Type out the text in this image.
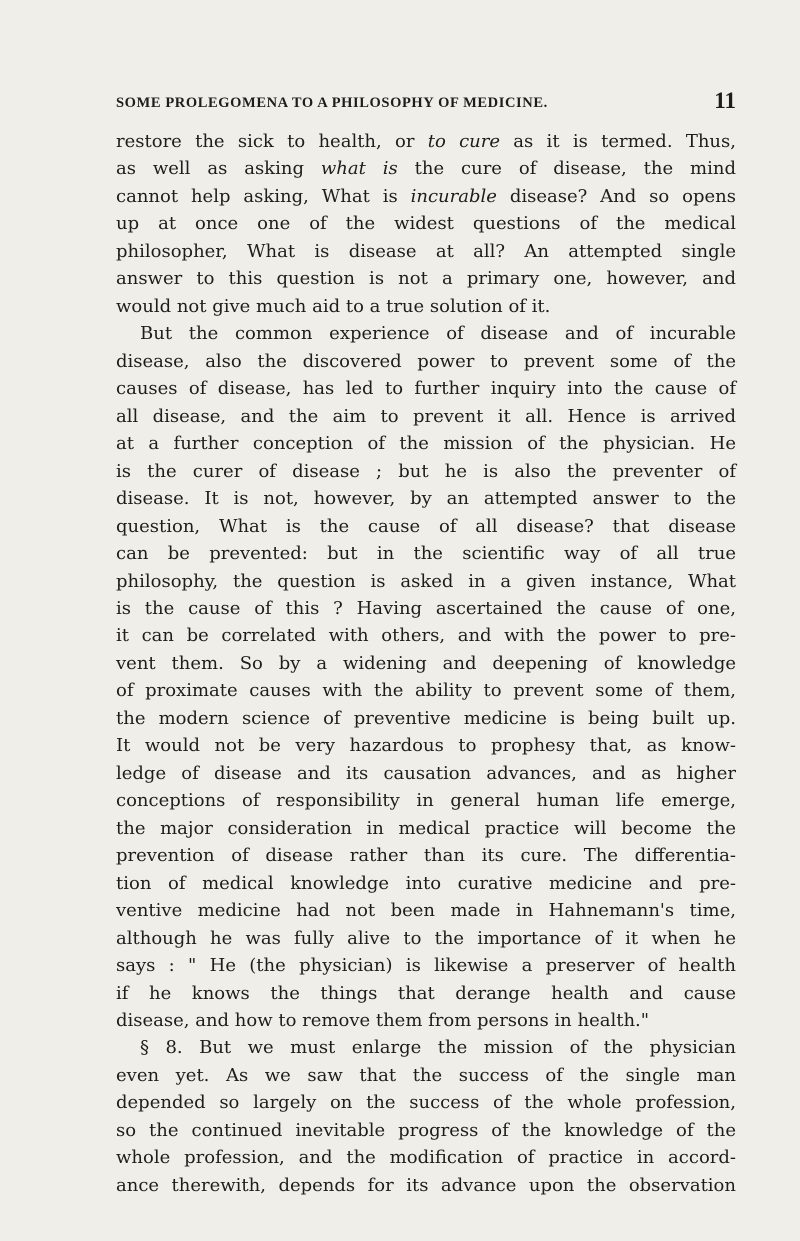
SOME PROLEGOMENA TO A PHILOSOPHY OF MEDICINE.	11
restore the sick to health, or to cure as it is termed. Thus,
as well as asking what is the cure of disease, the mind
cannot help asking, What is incurable disease? And so opens
up at once one of the widest questions of the medical
philosopher, What is disease at all? An attempted single
answer to this question is not a primary one, however, and
would not give much aid to a true solution of it.
But the common experience of disease and of incurable
disease, also the discovered power to prevent some of the
causes of disease, has led to further inquiry into the cause of
all disease, and the aim to prevent it all. Hence is arrived
at a further conception of the mission of the physician. He
is the curer of disease ; but he is also the preventer of
disease. It is not, however, by an attempted answer to the
question, What is the cause of all disease? that disease
can be prevented: but in the scientific way of all true
philosophy, the question is asked in a given instance, What
is the cause of this ? Having ascertained the cause of one,
it can be correlated with others, and with the power to pre-
vent them. So by a widening and deepening of knowledge
of proximate causes with the ability to prevent some of them,
the modern science of preventive medicine is being built up.
It would not be very hazardous to prophesy that, as know-
ledge of disease and its causation advances, and as higher
conceptions of responsibility in general human life emerge,
the major consideration in medical practice will become the
prevention of disease rather than its cure. The differentia-
tion of medical knowledge into curative medicine and pre-
ventive medicine had not been made in Hahnemann's time,
although he was fully alive to the importance of it when he
says : " He (the physician) is likewise a preserver of health
if he knows the things that derange health and cause
disease, and how to remove them from persons in health."
§ 8. But we must enlarge the mission of the physician
even yet. As we saw that the success of the single man
depended so largely on the success of the whole profession,
so the continued inevitable progress of the knowledge of the
whole profession, and the modification of practice in accord-
ance therewith, depends for its advance upon the observation
